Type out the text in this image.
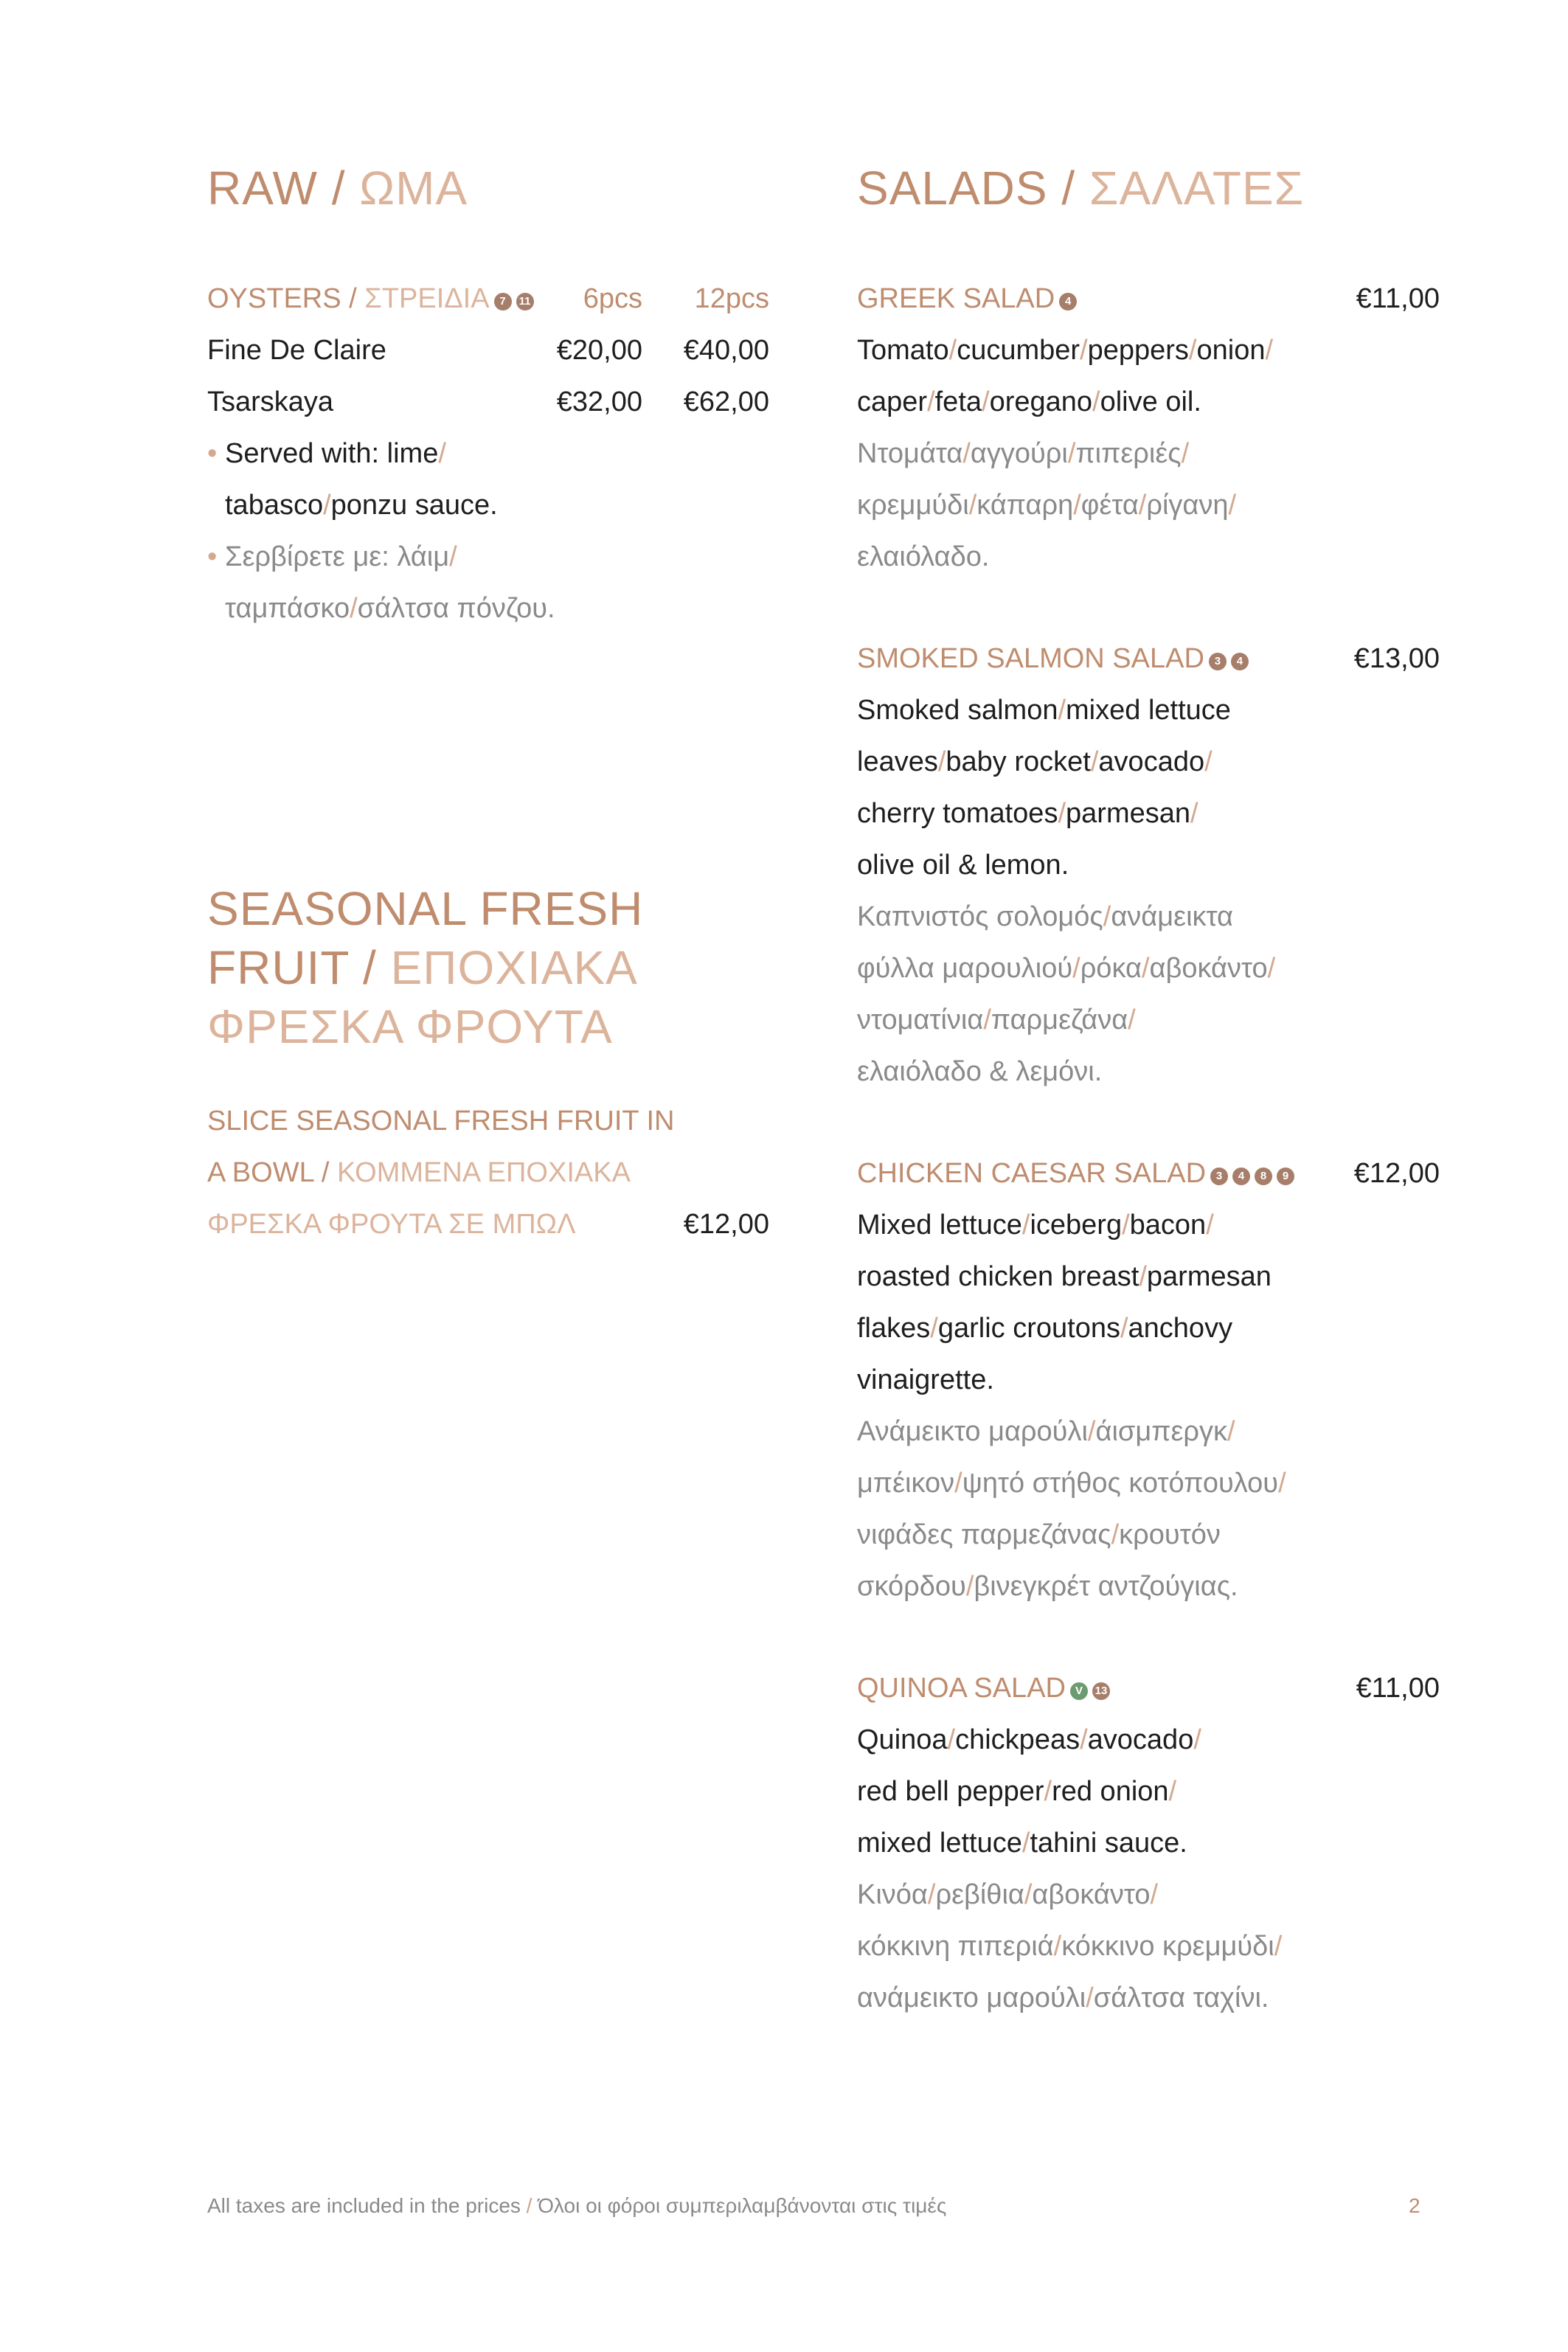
RAW / ΩΜΑ
OYSTERS / ΣΤΡΕΙΔΙΑ 7 11 6pcs 12pcs
Fine De Claire	€20,00 €40,00
Tsarskaya	€32,00 €62,00
• Served with: lime/
tabasco/ponzu sauce.
• Σερβίρετε με: λάιμ/
ταμπάσκο/σάλτσα πόνζου.
SEASONAL FRESH
FRUIT / ΕΠΟΧΙΑΚΑ
ΦΡΕΣΚΑ ΦΡΟΥΤΑ
SLICE SEASONAL FRESH FRUIT IN
A BOWL / ΚΟΜΜΕΝΑ ΕΠΟΧΙΑΚΑ
ΦΡΕΣΚΑ ΦΡΟΥΤΑ ΣΕ ΜΠΩΛ	€12,00
SALADS / ΣΑΛΑΤΕΣ
GREEK SALAD 4	€11,00
Tomato/cucumber/peppers/onion/
caper/feta/oregano/olive oil.
Ντομάτα/αγγούρι/πιπεριές/
κρεμμύδι/κάπαρη/φέτα/ρίγανη/
ελαιόλαδο.
SMOKED SALMON SALAD 3 4	€13,00
Smoked salmon/mixed lettuce
leaves/baby rocket/avocado/
cherry tomatoes/parmesan/
olive oil & lemon.
Καπνιστός σολομός/ανάμεικτα
φύλλα μαρουλιού/ρόκα/αβοκάντο/
ντοματίνια/παρμεζάνα/
ελαιόλαδο & λεμόνι.
CHICKEN CAESAR SALAD 3 4 8 9 €12,00
Mixed lettuce/iceberg/bacon/
roasted chicken breast/parmesan
flakes/garlic croutons/anchovy
vinaigrette.
Ανάμεικτο μαρούλι/άισμπεργκ/
μπέικον/ψητό στήθος κοτόπουλου/
νιφάδες παρμεζάνας/κρουτόν
σκόρδου/βινεγκρέτ αντζούγιας.
QUINOA SALAD V 13	€11,00
Quinoa/chickpeas/avocado/
red bell pepper/red onion/
mixed lettuce/tahini sauce.
Κινόα/ρεβίθια/αβοκάντο/
κόκκινη πιπεριά/κόκκινο κρεμμύδι/
ανάμεικτο μαρούλι/σάλτσα ταχίνι.
All taxes are included in the prices / Όλοι οι φόροι συμπεριλαμβάνονται στις τιμές	2
